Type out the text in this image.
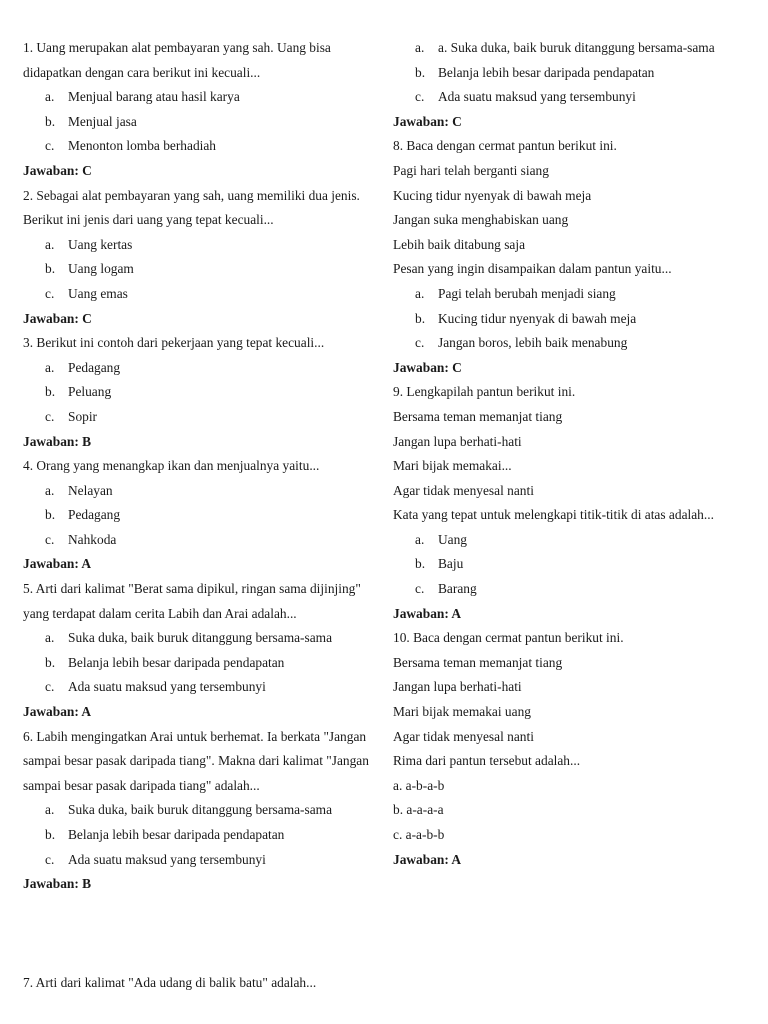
1. Uang merupakan alat pembayaran yang sah. Uang bisa
didapatkan dengan cara berikut ini kecuali...
a. Menjual barang atau hasil karya
b. Menjual jasa
c. Menonton lomba berhadiah
Jawaban: C
2. Sebagai alat pembayaran yang sah, uang memiliki dua jenis.
Berikut ini jenis dari uang yang tepat kecuali...
a. Uang kertas
b. Uang logam
c. Uang emas
Jawaban: C
3. Berikut ini contoh dari pekerjaan yang tepat kecuali...
a. Pedagang
b. Peluang
c. Sopir
Jawaban: B
4. Orang yang menangkap ikan dan menjualnya yaitu...
a. Nelayan
b. Pedagang
c. Nahkoda
Jawaban: A
5. Arti dari kalimat "Berat sama dipikul, ringan sama dijinjing"
yang terdapat dalam cerita Labih dan Arai adalah...
a. Suka duka, baik buruk ditanggung bersama-sama
b. Belanja lebih besar daripada pendapatan
c. Ada suatu maksud yang tersembunyi
Jawaban: A
6. Labih mengingatkan Arai untuk berhemat. Ia berkata "Jangan
sampai besar pasak daripada tiang". Makna dari kalimat "Jangan
sampai besar pasak daripada tiang" adalah...
a. Suka duka, baik buruk ditanggung bersama-sama
b. Belanja lebih besar daripada pendapatan
c. Ada suatu maksud yang tersembunyi
Jawaban: B
7. Arti dari kalimat "Ada udang di balik batu" adalah...
a. a. Suka duka, baik buruk ditanggung bersama-sama
b. Belanja lebih besar daripada pendapatan
c. Ada suatu maksud yang tersembunyi
Jawaban: C
8. Baca dengan cermat pantun berikut ini.
Pagi hari telah berganti siang
Kucing tidur nyenyak di bawah meja
Jangan suka menghabiskan uang
Lebih baik ditabung saja
Pesan yang ingin disampaikan dalam pantun yaitu...
a. Pagi telah berubah menjadi siang
b. Kucing tidur nyenyak di bawah meja
c. Jangan boros, lebih baik menabung
Jawaban: C
9. Lengkapilah pantun berikut ini.
Bersama teman memanjat tiang
Jangan lupa berhati-hati
Mari bijak memakai...
Agar tidak menyesal nanti
Kata yang tepat untuk melengkapi titik-titik di atas adalah...
a. Uang
b. Baju
c. Barang
Jawaban: A
10. Baca dengan cermat pantun berikut ini.
Bersama teman memanjat tiang
Jangan lupa berhati-hati
Mari bijak memakai uang
Agar tidak menyesal nanti
Rima dari pantun tersebut adalah...
a. a-b-a-b
b. a-a-a-a
c. a-a-b-b
Jawaban: A
